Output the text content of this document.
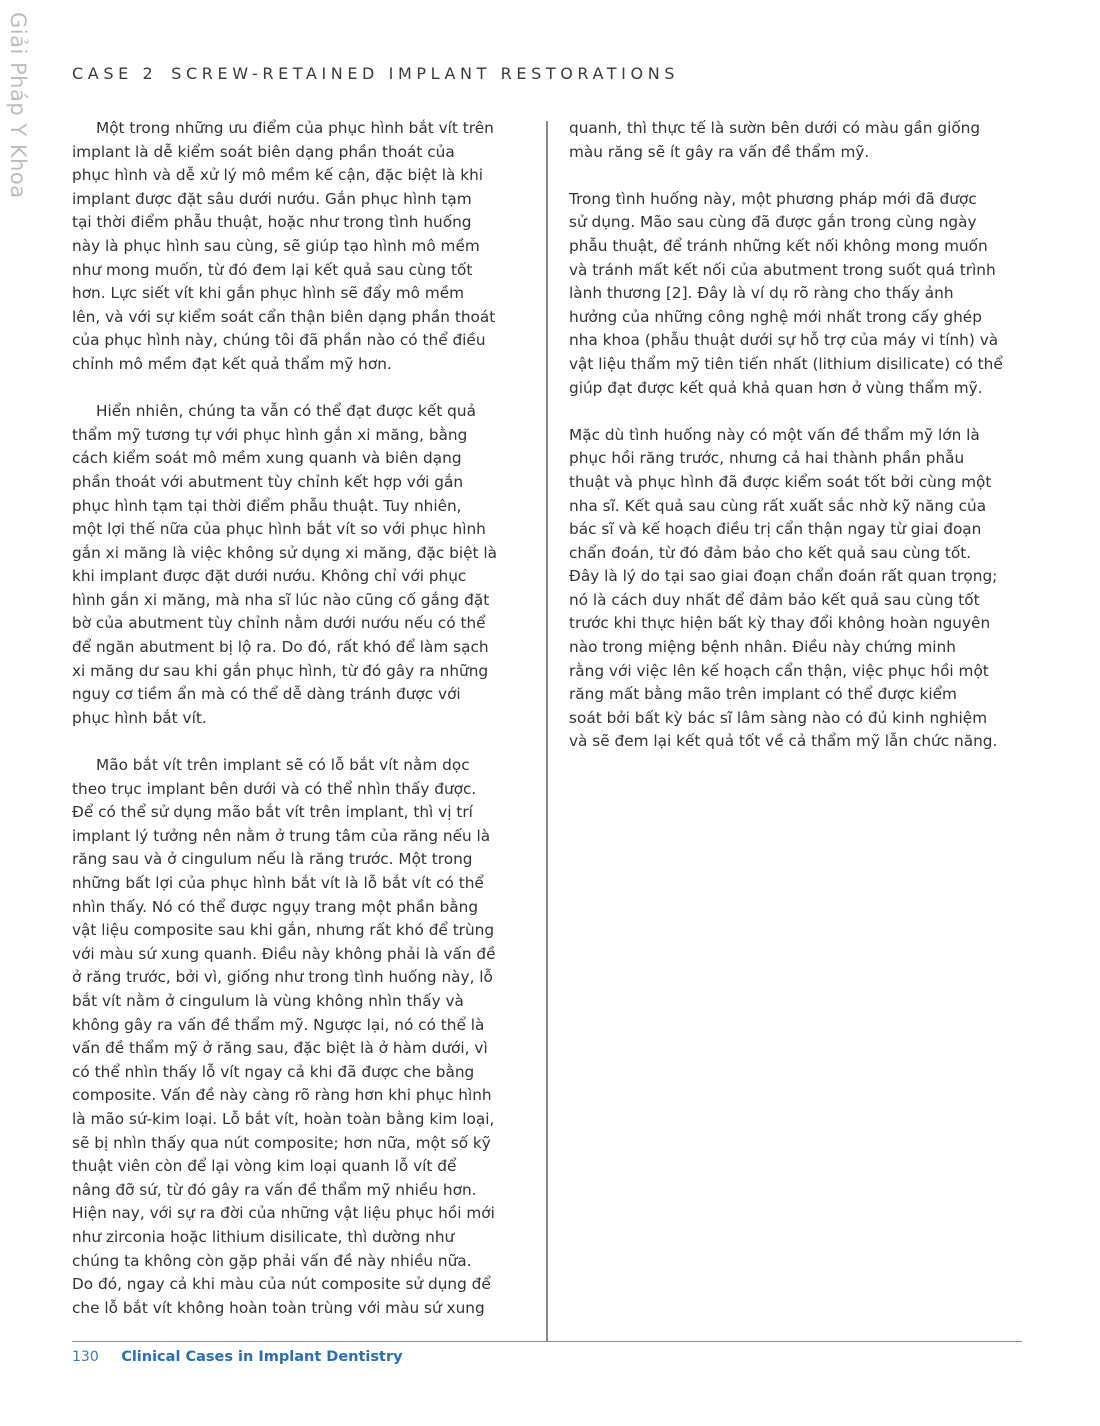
Giải Pháp Y Khoa	CASE 2 SCREW-RETAINED IMPLANT RESTORATIONS

Một trong những ưu điểm của phục hình bắt vít trên
implant là dễ kiểm soát biên dạng phần thoát của
phục hình và dễ xử lý mô mềm kế cận, đặc biệt là khi
implant được đặt sâu dưới nướu. Gắn phục hình tạm
tại thời điểm phẫu thuật, hoặc như trong tình huống
này là phục hình sau cùng, sẽ giúp tạo hình mô mềm
như mong muốn, từ đó đem lại kết quả sau cùng tốt
hơn. Lực siết vít khi gắn phục hình sẽ đẩy mô mềm
lên, và với sự kiểm soát cẩn thận biên dạng phần thoát
của phục hình này, chúng tôi đã phần nào có thể điều
chỉnh mô mềm đạt kết quả thẩm mỹ hơn.

Hiển nhiên, chúng ta vẫn có thể đạt được kết quả
thẩm mỹ tương tự với phục hình gắn xi măng, bằng
cách kiểm soát mô mềm xung quanh và biên dạng
phần thoát với abutment tùy chỉnh kết hợp với gắn
phục hình tạm tại thời điểm phẫu thuật. Tuy nhiên,
một lợi thế nữa của phục hình bắt vít so với phục hình
gắn xi măng là việc không sử dụng xi măng, đặc biệt là
khi implant được đặt dưới nướu. Không chỉ với phục
hình gắn xi măng, mà nha sĩ lúc nào cũng cố gắng đặt
bờ của abutment tùy chỉnh nằm dưới nướu nếu có thể
để ngăn abutment bị lộ ra. Do đó, rất khó để làm sạch
xi măng dư sau khi gắn phục hình, từ đó gây ra những
nguy cơ tiềm ẩn mà có thể dễ dàng tránh được với
phục hình bắt vít.

Mão bắt vít trên implant sẽ có lỗ bắt vít nằm dọc
theo trục implant bên dưới và có thể nhìn thấy được.
Để có thể sử dụng mão bắt vít trên implant, thì vị trí
implant lý tưởng nên nằm ở trung tâm của răng nếu là
răng sau và ở cingulum nếu là răng trước. Một trong
những bất lợi của phục hình bắt vít là lỗ bắt vít có thể
nhìn thấy. Nó có thể được ngụy trang một phần bằng
vật liệu composite sau khi gắn, nhưng rất khó để trùng
với màu sứ xung quanh. Điều này không phải là vấn đề
ở răng trước, bởi vì, giống như trong tình huống này, lỗ
bắt vít nằm ở cingulum là vùng không nhìn thấy và
không gây ra vấn đề thẩm mỹ. Ngược lại, nó có thể là
vấn đề thẩm mỹ ở răng sau, đặc biệt là ở hàm dưới, vì
có thể nhìn thấy lỗ vít ngay cả khi đã được che bằng
composite. Vấn đề này càng rõ ràng hơn khi phục hình
là mão sứ-kim loại. Lỗ bắt vít, hoàn toàn bằng kim loại,
sẽ bị nhìn thấy qua nút composite; hơn nữa, một số kỹ
thuật viên còn để lại vòng kim loại quanh lỗ vít để
nâng đỡ sứ, từ đó gây ra vấn đề thẩm mỹ nhiều hơn.
Hiện nay, với sự ra đời của những vật liệu phục hồi mới
như zirconia hoặc lithium disilicate, thì dường như
chúng ta không còn gặp phải vấn đề này nhiều nữa.
Do đó, ngay cả khi màu của nút composite sử dụng để
che lỗ bắt vít không hoàn toàn trùng với màu sứ xung

quanh, thì thực tế là sườn bên dưới có màu gần giống
màu răng sẽ ít gây ra vấn đề thẩm mỹ.

Trong tình huống này, một phương pháp mới đã được
sử dụng. Mão sau cùng đã được gắn trong cùng ngày
phẫu thuật, để tránh những kết nối không mong muốn
và tránh mất kết nối của abutment trong suốt quá trình
lành thương [2]. Đây là ví dụ rõ ràng cho thấy ảnh
hưởng của những công nghệ mới nhất trong cấy ghép
nha khoa (phẫu thuật dưới sự hỗ trợ của máy vi tính) và
vật liệu thẩm mỹ tiên tiến nhất (lithium disilicate) có thể
giúp đạt được kết quả khả quan hơn ở vùng thẩm mỹ.

Mặc dù tình huống này có một vấn đề thẩm mỹ lớn là
phục hồi răng trước, nhưng cả hai thành phần phẫu
thuật và phục hình đã được kiểm soát tốt bởi cùng một
nha sĩ. Kết quả sau cùng rất xuất sắc nhờ kỹ năng của
bác sĩ và kế hoạch điều trị cẩn thận ngay từ giai đoạn
chẩn đoán, từ đó đảm bảo cho kết quả sau cùng tốt.
Đây là lý do tại sao giai đoạn chẩn đoán rất quan trọng;
nó là cách duy nhất để đảm bảo kết quả sau cùng tốt
trước khi thực hiện bất kỳ thay đổi không hoàn nguyên
nào trong miệng bệnh nhân. Điều này chứng minh
rằng với việc lên kế hoạch cẩn thận, việc phục hồi một
răng mất bằng mão trên implant có thể được kiểm
soát bởi bất kỳ bác sĩ lâm sàng nào có đủ kinh nghiệm
và sẽ đem lại kết quả tốt về cả thẩm mỹ lẫn chức năng.

130 Clinical Cases in Implant Dentistry
